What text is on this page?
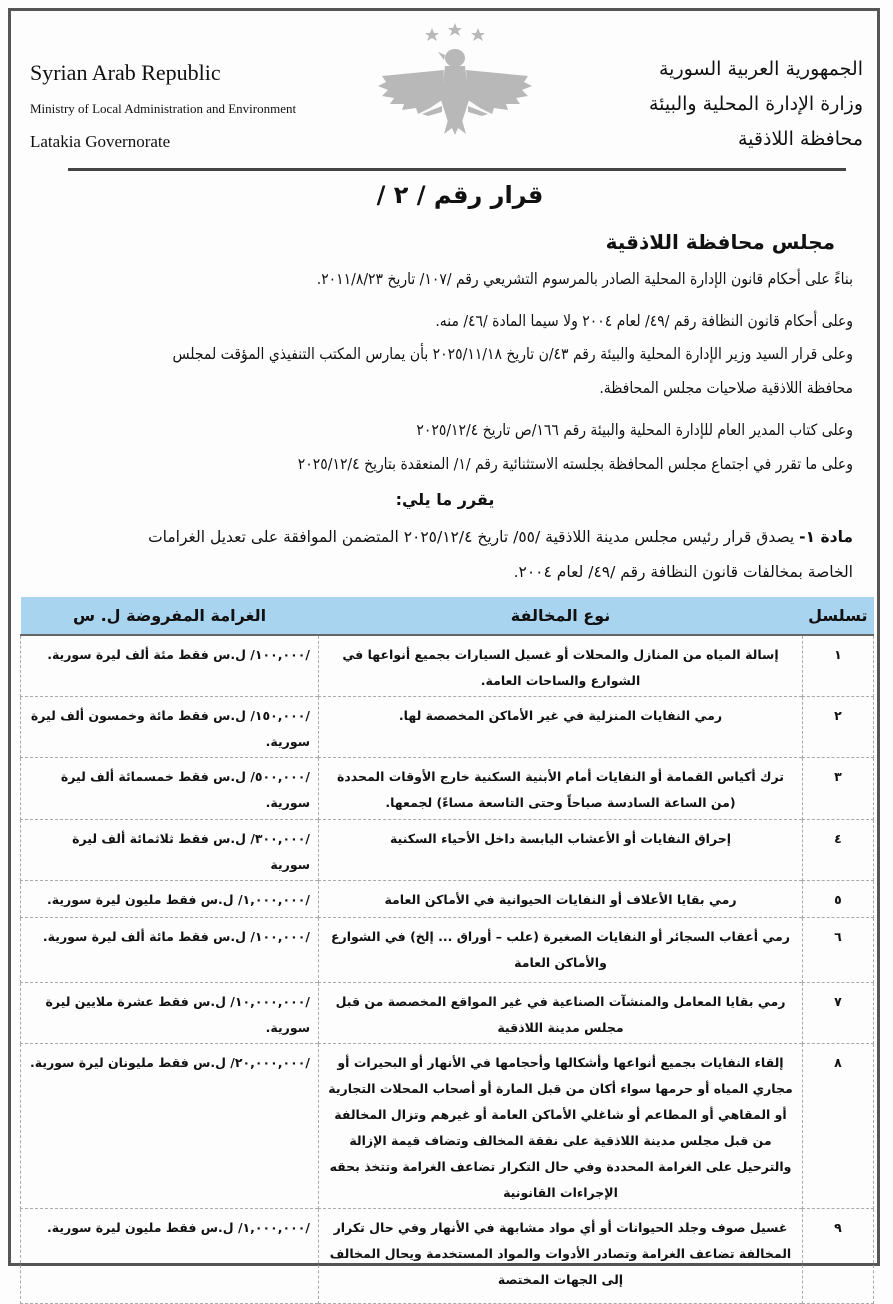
Syrian Arab Republic
Ministry of Local Administration and Environment
Latakia Governorate
الجمهورية العربية السورية
وزارة الإدارة المحلية والبيئة
محافظة اللاذقية
قرار رقم / ٢ /
مجلس محافظة اللاذقية
بناءً على أحكام قانون الإدارة المحلية الصادر بالمرسوم التشريعي رقم /١٠٧/ تاريخ ٢٠١١/٨/٢٣.
وعلى أحكام قانون النظافة رقم /٤٩/ لعام ٢٠٠٤ ولا سيما المادة /٤٦/ منه.
وعلى قرار السيد وزير الإدارة المحلية والبيئة رقم ٤٣/ن تاريخ ٢٠٢٥/١١/١٨ بأن يمارس المكتب التنفيذي المؤقت لمجلس
محافظة اللاذقية صلاحيات مجلس المحافظة.
وعلى كتاب المدير العام للإدارة المحلية والبيئة رقم ١٦٦/ص تاريخ ٢٠٢٥/١٢/٤
وعلى ما تقرر في اجتماع مجلس المحافظة بجلسته الاستثنائية رقم /١/ المنعقدة بتاريخ ٢٠٢٥/١٢/٤
يقرر ما يلي:
مادة ١- يصدق قرار رئيس مجلس مدينة اللاذقية /٥٥/ تاريخ ٢٠٢٥/١٢/٤ المتضمن الموافقة على تعديل الغرامات
الخاصة بمخالفات قانون النظافة رقم /٤٩/ لعام ٢٠٠٤.
تسلسل	نوع المخالفة	الغرامة المفروضة ل. س
١	إسالة المياه من المنازل والمحلات أو غسيل السيارات بجميع أنواعها في الشوارع والساحات العامة.	/١٠٠,٠٠٠/ ل.س فقط مئة ألف ليرة سورية.
٢	رمي النفايات المنزلية في غير الأماكن المخصصة لها.	/١٥٠,٠٠٠/ ل.س فقط مائة وخمسون ألف ليرة سورية.
٣	ترك أكياس القمامة أو النفايات أمام الأبنية السكنية خارج الأوقات المحددة (من الساعة السادسة صباحاً وحتى التاسعة مساءً) لجمعها.	/٥٠٠,٠٠٠/ ل.س فقط خمسمائة ألف ليرة سورية.
٤	إحراق النفايات أو الأعشاب اليابسة داخل الأحياء السكنية	/٣٠٠,٠٠٠/ ل.س فقط ثلاثمائة ألف ليرة سورية
٥	رمي بقايا الأعلاف أو النفايات الحيوانية في الأماكن العامة	/١,٠٠٠,٠٠٠/ ل.س فقط مليون ليرة سورية.
٦	رمي أعقاب السجائر أو النفايات الصغيرة (علب – أوراق ... إلخ) في الشوارع والأماكن العامة	/١٠٠,٠٠٠/ ل.س فقط مائة ألف ليرة سورية.
٧	رمي بقايا المعامل والمنشآت الصناعية في غير المواقع المخصصة من قبل مجلس مدينة اللاذقية	/١٠,٠٠٠,٠٠٠/ ل.س فقط عشرة ملايين ليرة سورية.
٨	إلقاء النفايات بجميع أنواعها وأشكالها وأحجامها في الأنهار أو البحيرات أو مجاري المياه أو حرمها سواء أكان من قبل المارة أو أصحاب المحلات التجارية أو المقاهي أو المطاعم أو شاغلي الأماكن العامة أو غيرهم وتزال المخالفة من قبل مجلس مدينة اللاذقية على نفقة المخالف وتضاف قيمة الإزالة والترحيل على الغرامة المحددة وفي حال التكرار تضاعف الغرامة وتتخذ بحقه الإجراءات القانونية	/٢٠,٠٠٠,٠٠٠/ ل.س فقط مليونان ليرة سورية.
٩	غسيل صوف وجلد الحيوانات أو أي مواد مشابهة في الأنهار وفي حال تكرار المخالفة تضاعف الغرامة وتصادر الأدوات والمواد المستخدمة ويحال المخالف إلى الجهات المختصة	/١,٠٠٠,٠٠٠/ ل.س فقط مليون ليرة سورية.
